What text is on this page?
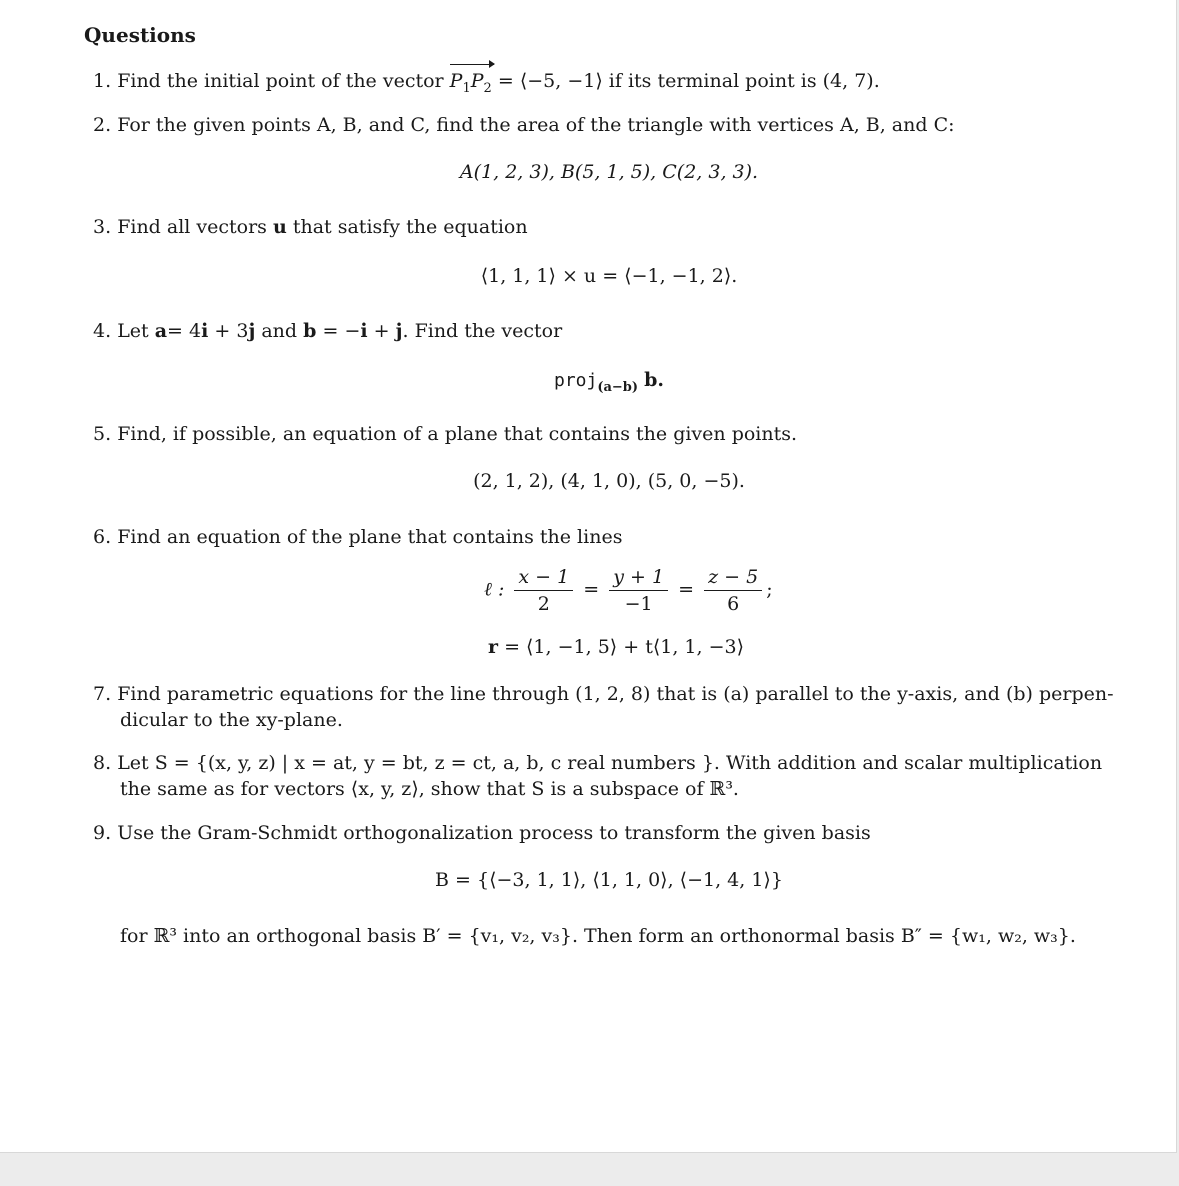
Questions
1. Find the initial point of the vector $P_1P_2$ = ⟨−5, −1⟩ if its terminal point is (4, 7).
2. For the given points A, B, and C, find the area of the triangle with vertices A, B, and C:
A(1, 2, 3), B(5, 1, 5), C(2, 3, 3).
3. Find all vectors u that satisfy the equation
⟨1, 1, 1⟩ × u = ⟨−1, −1, 2⟩.
4. Let a= 4i + 3j and b = −i + j. Find the vector
proj$_{(a-b)}$ b.
5. Find, if possible, an equation of a plane that contains the given points.
(2, 1, 2), (4, 1, 0), (5, 0, −5).
6. Find an equation of the plane that contains the lines
ℓ : $\frac{x - 1}{2} = \frac{y + 1}{-1} = \frac{z - 5}{6}$ ;
r = ⟨1, −1, 5⟩ + t⟨1, 1, −3⟩
7. Find parametric equations for the line through (1, 2, 8) that is (a) parallel to the y-axis, and (b) perpen-
dicular to the xy-plane.
8. Let S = {(x, y, z) | x = at, y = bt, z = ct, a, b, c real numbers }. With addition and scalar multiplication
the same as for vectors ⟨x, y, z⟩, show that S is a subspace of ℝ³.
9. Use the Gram-Schmidt orthogonalization process to transform the given basis
B = {⟨−3, 1, 1⟩, ⟨1, 1, 0⟩, ⟨−1, 4, 1⟩}
for ℝ³ into an orthogonal basis B′ = {v₁, v₂, v₃}. Then form an orthonormal basis B″ = {w₁, w₂, w₃}.
